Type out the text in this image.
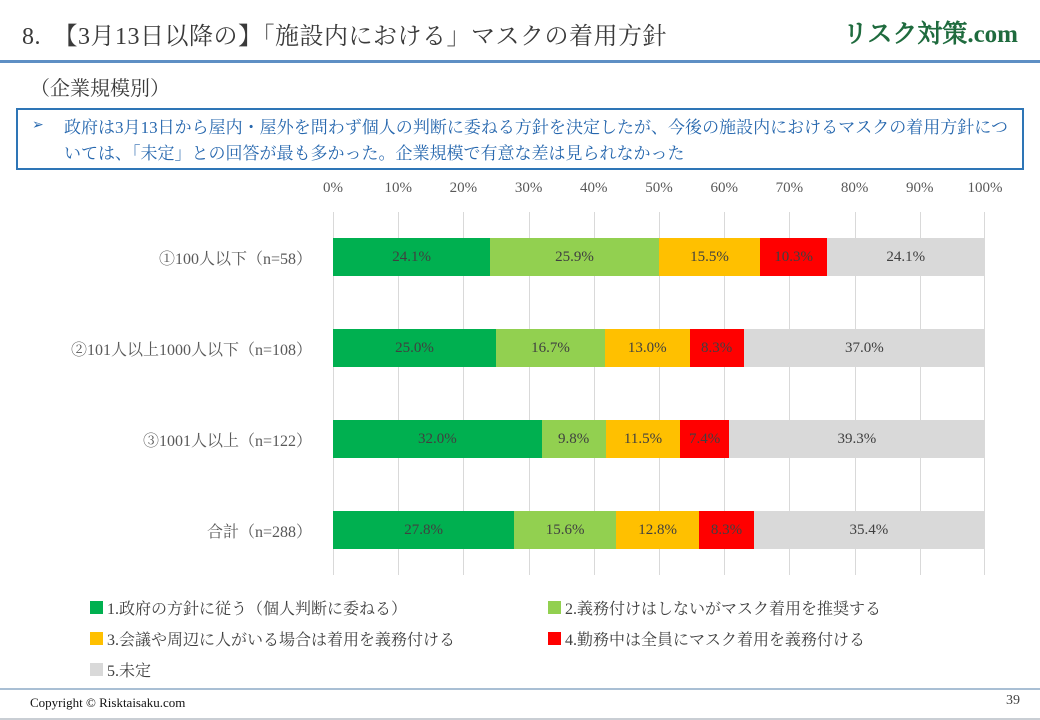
8.　【3月13日以降の】「施設内における」マスクの着用方針	リスク対策.com
（企業規模別）
➢ 政府は3月13日から屋内・屋外を問わず個人の判断に委ねる方針を決定したが、今後の施設内におけるマスクの着用方針については、「未定」との回答が最も多かった。企業規模で有意な差は見られなかった
0%	10%	20%	30%	40%	50%	60%	70%	80%	90%	100%
①100人以下（n=58）	24.1%	25.9%	15.5%	10.3%	24.1%
②101人以上1000人以下（n=108）	25.0%	16.7%	13.0%	8.3%	37.0%
③1001人以上（n=122）	32.0%	9.8%	11.5%	7.4%	39.3%
合計（n=288）	27.8%	15.6%	12.8%	8.3%	35.4%
1.政府の方針に従う（個人判断に委ねる）	2.義務付けはしないがマスク着用を推奨する
3.会議や周辺に人がいる場合は着用を義務付ける	4.勤務中は全員にマスク着用を義務付ける
5.未定
Copyright © Risktaisaku.com	39
